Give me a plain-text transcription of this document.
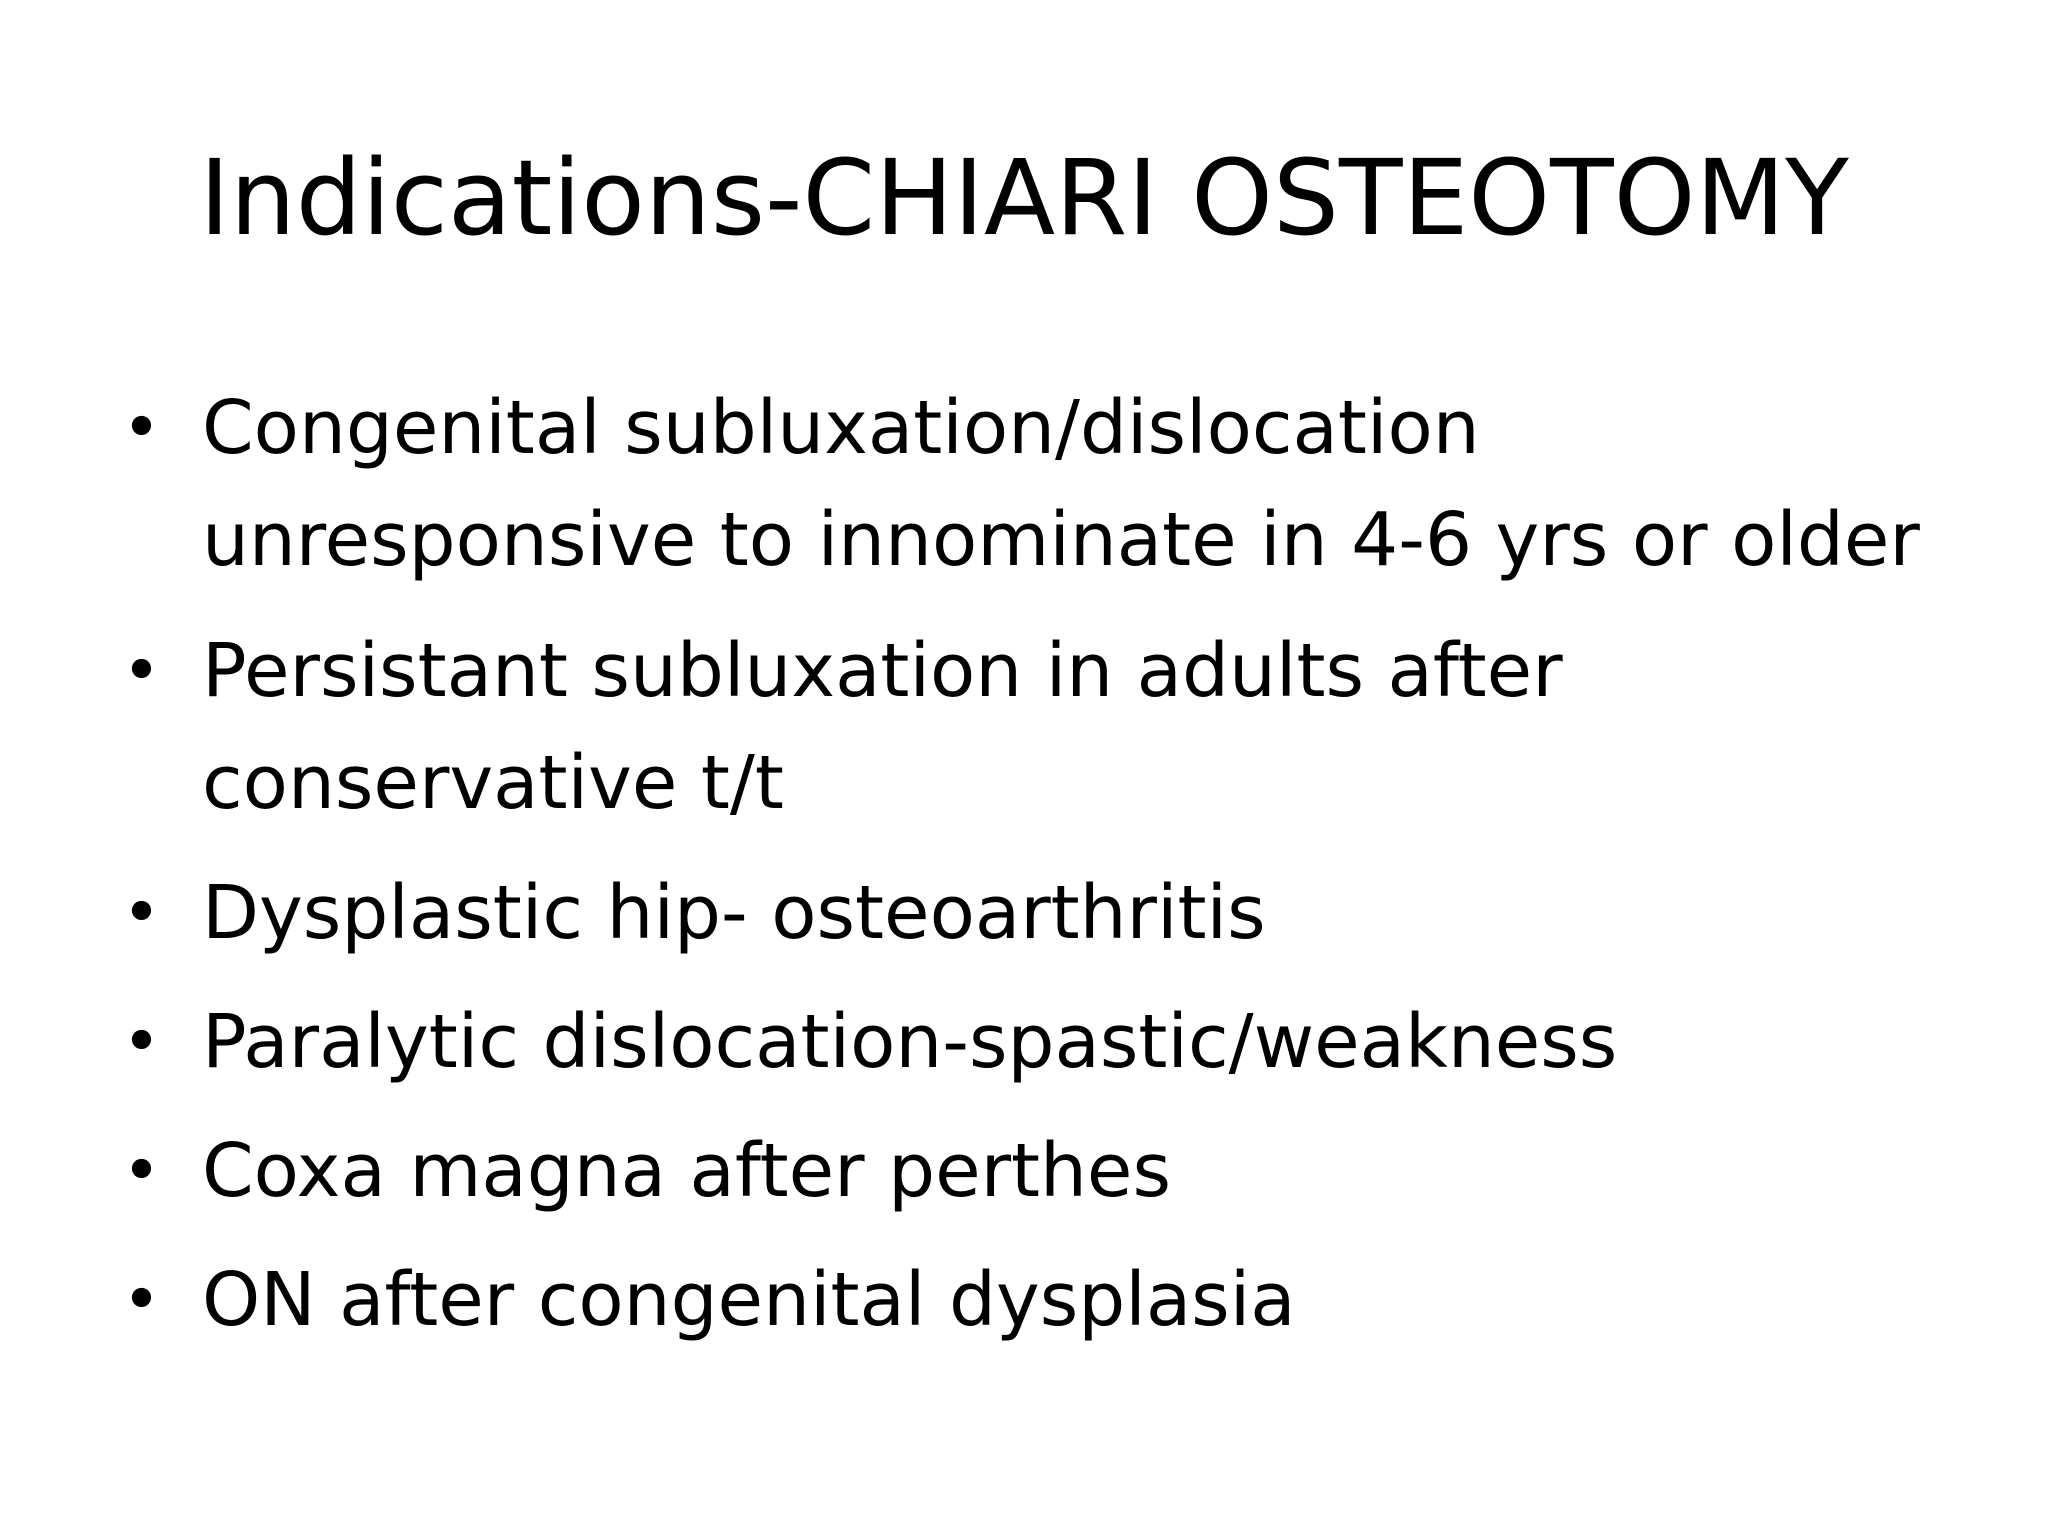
Indications-CHIARI OSTEOTOMY
• Congenital subluxation/dislocation
unresponsive to innominate in 4-6 yrs or older
• Persistant subluxation in adults after
conservative t/t
• Dysplastic hip- osteoarthritis
• Paralytic dislocation-spastic/weakness
• Coxa magna after perthes
• ON after congenital dysplasia
